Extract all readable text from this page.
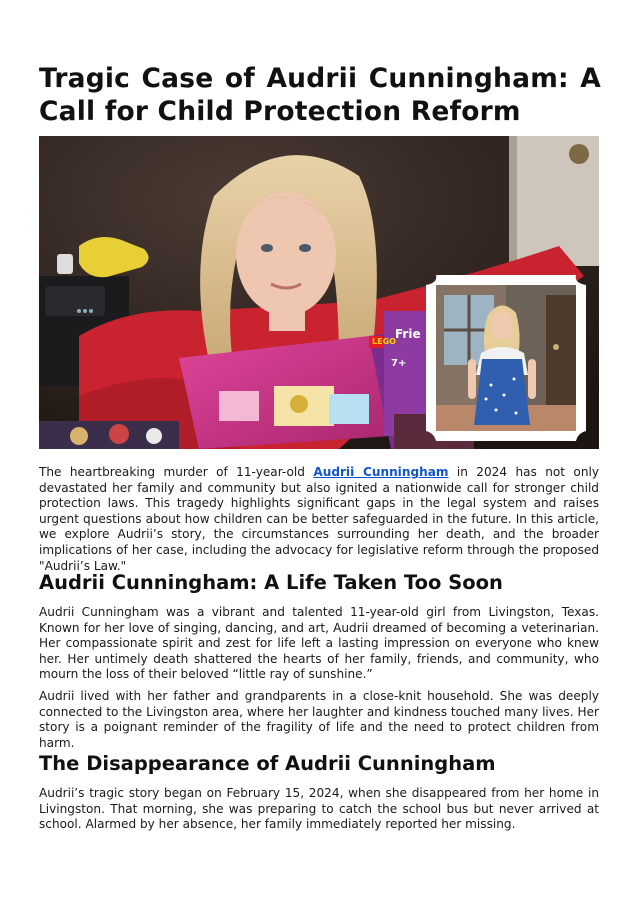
Tragic Case of Audrii Cunningham: A Call for Child Protection Reform
LEGO
Frie
7+

The heartbreaking murder of 11-year-old Audrii Cunningham in 2024 has not only devastated her family and community but also ignited a nationwide call for stronger child protection laws. This tragedy highlights significant gaps in the legal system and raises urgent questions about how children can be better safeguarded in the future. In this article, we explore Audrii’s story, the circumstances surrounding her death, and the broader implications of her case, including the advocacy for legislative reform through the proposed "Audrii’s Law."

Audrii Cunningham: A Life Taken Too Soon

Audrii Cunningham was a vibrant and talented 11-year-old girl from Livingston, Texas. Known for her love of singing, dancing, and art, Audrii dreamed of becoming a veterinarian. Her compassionate spirit and zest for life left a lasting impression on everyone who knew her. Her untimely death shattered the hearts of her family, friends, and community, who mourn the loss of their beloved “little ray of sunshine.”

Audrii lived with her father and grandparents in a close-knit household. She was deeply connected to the Livingston area, where her laughter and kindness touched many lives. Her story is a poignant reminder of the fragility of life and the need to protect children from harm.

The Disappearance of Audrii Cunningham

Audrii’s tragic story began on February 15, 2024, when she disappeared from her home in Livingston. That morning, she was preparing to catch the school bus but never arrived at school. Alarmed by her absence, her family immediately reported her missing.
